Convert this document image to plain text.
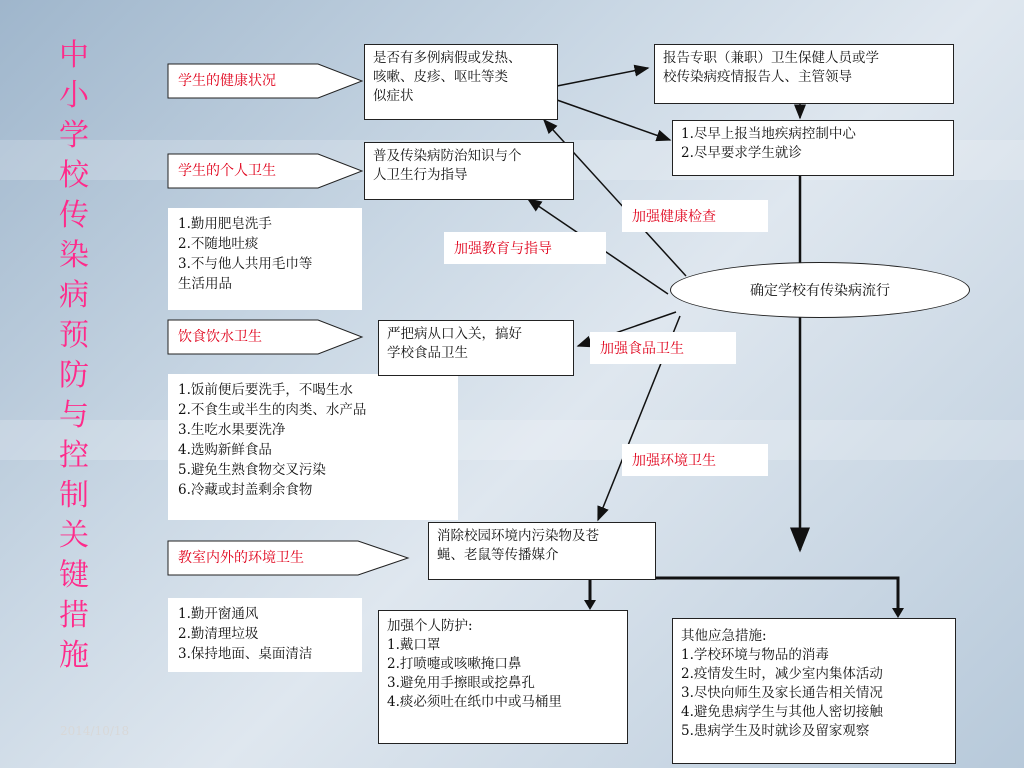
中
小
学
校
传
染
病
预
防
与
控
制
关
键
措
施
学生的健康状况
学生的个人卫生
饮食饮水卫生
教室内外的环境卫生
1.勤用肥皂洗手
2.不随地吐痰
3.不与他人共用毛巾等
生活用品
1.饭前便后要洗手，不喝生水
2.不食生或半生的肉类、水产品
3.生吃水果要洗净
4.选购新鲜食品
5.避免生熟食物交叉污染
6.冷藏或封盖剩余食物
1.勤开窗通风
2.勤清理垃圾
3.保持地面、桌面清洁
是否有多例病假或发热、
咳嗽、皮疹、呕吐等类
似症状
报告专职（兼职）卫生保健人员或学
校传染病疫情报告人、主管领导
1.尽早上报当地疾病控制中心
2.尽早要求学生就诊
普及传染病防治知识与个
人卫生行为指导
严把病从口入关，搞好
学校食品卫生
消除校园环境内污染物及苍
蝇、老鼠等传播媒介
加强个人防护:
1.戴口罩
2.打喷嚏或咳嗽掩口鼻
3.避免用手擦眼或挖鼻孔
4.痰必须吐在纸巾中或马桶里
其他应急措施:
1.学校环境与物品的消毒
2.疫情发生时，减少室内集体活动
3.尽快向师生及家长通告相关情况
4.避免患病学生与其他人密切接触
5.患病学生及时就诊及留家观察
确定学校有传染病流行
加强健康检查
加强教育与指导
加强食品卫生
加强环境卫生
2014/10/18
